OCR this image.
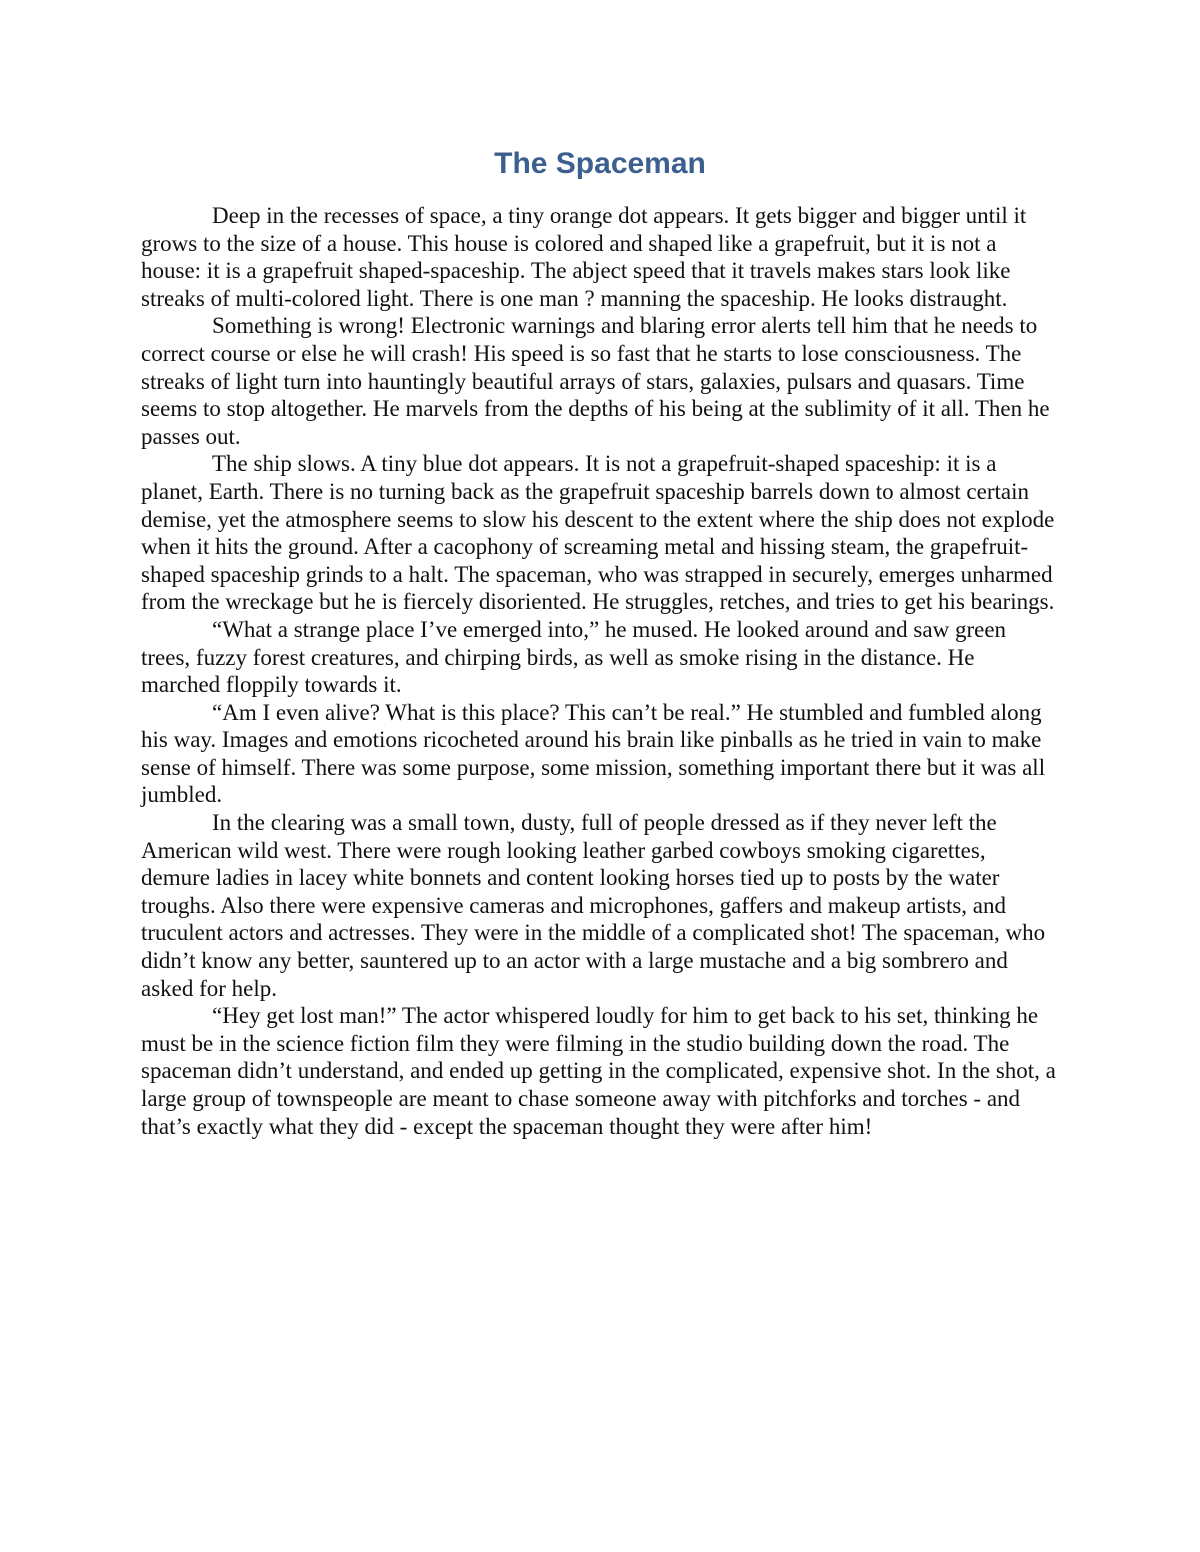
The Spaceman

Deep in the recesses of space, a tiny orange dot appears. It gets bigger and bigger until it grows to the size of a house. This house is colored and shaped like a grapefruit, but it is not a house: it is a grapefruit shaped-spaceship. The abject speed that it travels makes stars look like streaks of multi-colored light. There is one man ? manning the spaceship. He looks distraught.

Something is wrong! Electronic warnings and blaring error alerts tell him that he needs to correct course or else he will crash! His speed is so fast that he starts to lose consciousness. The streaks of light turn into hauntingly beautiful arrays of stars, galaxies, pulsars and quasars. Time seems to stop altogether. He marvels from the depths of his being at the sublimity of it all. Then he passes out.

The ship slows. A tiny blue dot appears. It is not a grapefruit-shaped spaceship: it is a planet, Earth. There is no turning back as the grapefruit spaceship barrels down to almost certain demise, yet the atmosphere seems to slow his descent to the extent where the ship does not explode when it hits the ground. After a cacophony of screaming metal and hissing steam, the grapefruit-shaped spaceship grinds to a halt. The spaceman, who was strapped in securely, emerges unharmed from the wreckage but he is fiercely disoriented. He struggles, retches, and tries to get his bearings.

“What a strange place I’ve emerged into,” he mused. He looked around and saw green trees, fuzzy forest creatures, and chirping birds, as well as smoke rising in the distance. He marched floppily towards it.

“Am I even alive? What is this place? This can’t be real.” He stumbled and fumbled along his way. Images and emotions ricocheted around his brain like pinballs as he tried in vain to make sense of himself. There was some purpose, some mission, something important there but it was all jumbled.

In the clearing was a small town, dusty, full of people dressed as if they never left the American wild west. There were rough looking leather garbed cowboys smoking cigarettes, demure ladies in lacey white bonnets and content looking horses tied up to posts by the water troughs. Also there were expensive cameras and microphones, gaffers and makeup artists, and truculent actors and actresses. They were in the middle of a complicated shot! The spaceman, who didn’t know any better, sauntered up to an actor with a large mustache and a big sombrero and asked for help.

“Hey get lost man!” The actor whispered loudly for him to get back to his set, thinking he must be in the science fiction film they were filming in the studio building down the road. The spaceman didn’t understand, and ended up getting in the complicated, expensive shot. In the shot, a large group of townspeople are meant to chase someone away with pitchforks and torches - and that’s exactly what they did - except the spaceman thought they were after him!
